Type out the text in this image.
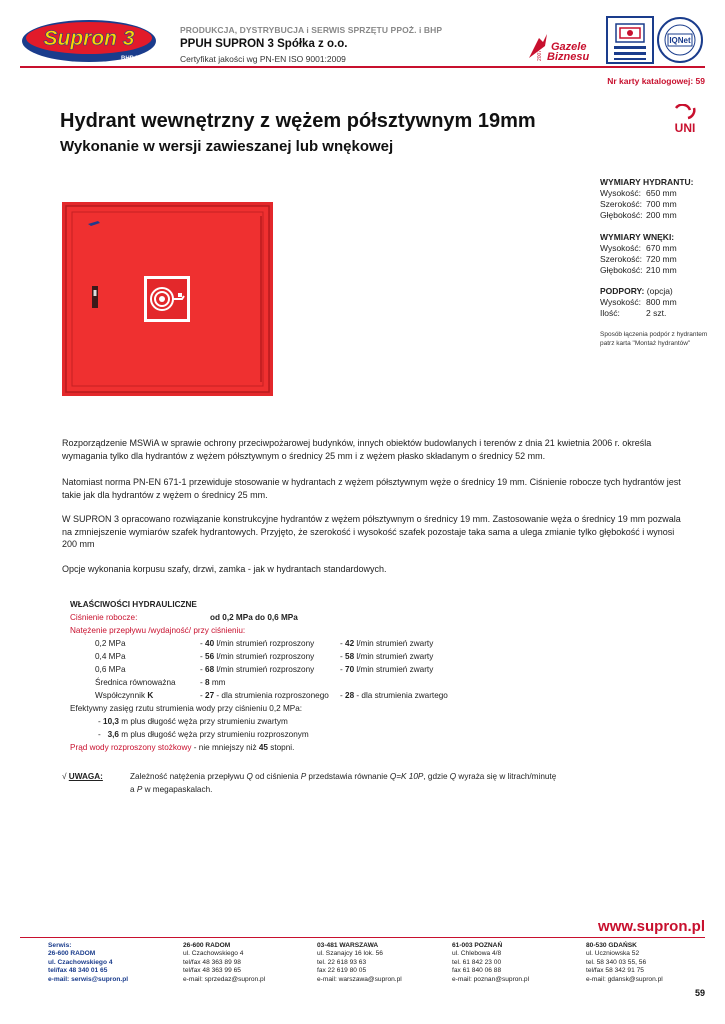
Supron 3
BHP PPOŻ.
PRODUKCJA, DYSTRYBUCJA i SERWIS SPRZĘTU PPOŻ. i BHP
PPUH SUPRON 3 Spółka z o.o.
Certyfikat jakości wg PN-EN ISO 9001:2009	2007
Gazele
Biznesu
IQNet
Nr karty katalogowej: 59
Hydrant wewnętrzny z wężem półsztywnym 19mm
Wykonanie w wersji zawieszanej lub wnękowej
UNI
WYMIARY HYDRANTU:
Wysokość: 650 mm
Szerokość: 700 mm
Głębokość: 200 mm
WYMIARY WNĘKI:
Wysokość: 670 mm
Szerokość: 720 mm
Głębokość: 210 mm
PODPORY: (opcja)
Wysokość: 800 mm
Ilość:	2 szt.
Sposób łączenia podpór z hydrantem patrz karta "Montaż hydrantów"
Rozporządzenie MSWiA w sprawie ochrony przeciwpożarowej budynków, innych obiektów budowlanych i terenów z dnia 21 kwietnia 2006 r. określa wymagania tylko dla hydrantów z wężem półsztywnym o średnicy 25 mm i z wężem płasko składanym o średnicy 52 mm.
Natomiast norma PN-EN 671-1 przewiduje stosowanie w hydrantach z wężem półsztywnym węże o średnicy 19 mm. Ciśnienie robocze tych hydrantów jest takie jak dla hydrantów z wężem o średnicy 25 mm.
W SUPRON 3 opracowano rozwiązanie konstrukcyjne hydrantów z wężem półsztywnym o średnicy 19 mm. Zastosowanie węża o średnicy 19 mm pozwala na zmniejszenie wymiarów szafek hydrantowych. Przyjęto, że szerokość i wysokość szafek pozostaje taka sama a ulega zmianie tylko głębokość i wynosi 200 mm
Opcje wykonania korpusu szafy, drzwi, zamka - jak w hydrantach standardowych.
WŁAŚCIWOŚCI HYDRAULICZNE
Ciśnienie robocze:	od 0,2 MPa do 0,6 MPa
Natężenie przepływu /wydajność/ przy ciśnieniu:
0,2 MPa	- 40 l/min strumień rozproszony	- 42 l/min strumień zwarty
0,4 MPa	- 56 l/min strumień rozproszony	- 58 l/min strumień zwarty
0,6 MPa	- 68 l/min strumień rozproszony	- 70 l/min strumień zwarty
Średnica równoważna	- 8 mm
Współczynnik K	- 27 - dla strumienia rozproszonego - 28 - dla strumienia zwartego
Efektywny zasięg rzutu strumienia wody przy ciśnieniu 0,2 MPa:
- 10,3 m plus długość węża przy strumieniu zwartym
-   3,6 m plus długość węża przy strumieniu rozproszonym
Prąd wody rozproszony stożkowy - nie mniejszy niż 45 stopni.
√ UWAGA:	Zależność natężenia przepływu Q od ciśnienia P przedstawia równanie Q=K 10P, gdzie Q wyraża się w litrach/minutę
a P w megapaskalach.
www.supron.pl
Serwis:
26-600 RADOM
ul. Czachowskiego 4
tel/fax 48 340 01 65
e-mail: serwis@supron.pl
26-600 RADOM
ul. Czachowskiego 4
tel/fax 48 363 89 98
tel/fax 48 363 99 65
e-mail: sprzedaz@supron.pl
03-481 WARSZAWA
ul. Szanajcy 16 lok. 56
tel. 22 618 93 63
fax 22 619 80 05
e-mail: warszawa@supron.pl
61-003 POZNAŃ
ul. Chlebowa 4/8
tel. 61 842 23 00
fax 61 840 06 88
e-mail: poznan@supron.pl
80-530 GDAŃSK
ul. Uczniowska 52
tel. 58 340 03 55, 56
tel/fax 58 342 91 75
e-mail: gdansk@supron.pl
59
